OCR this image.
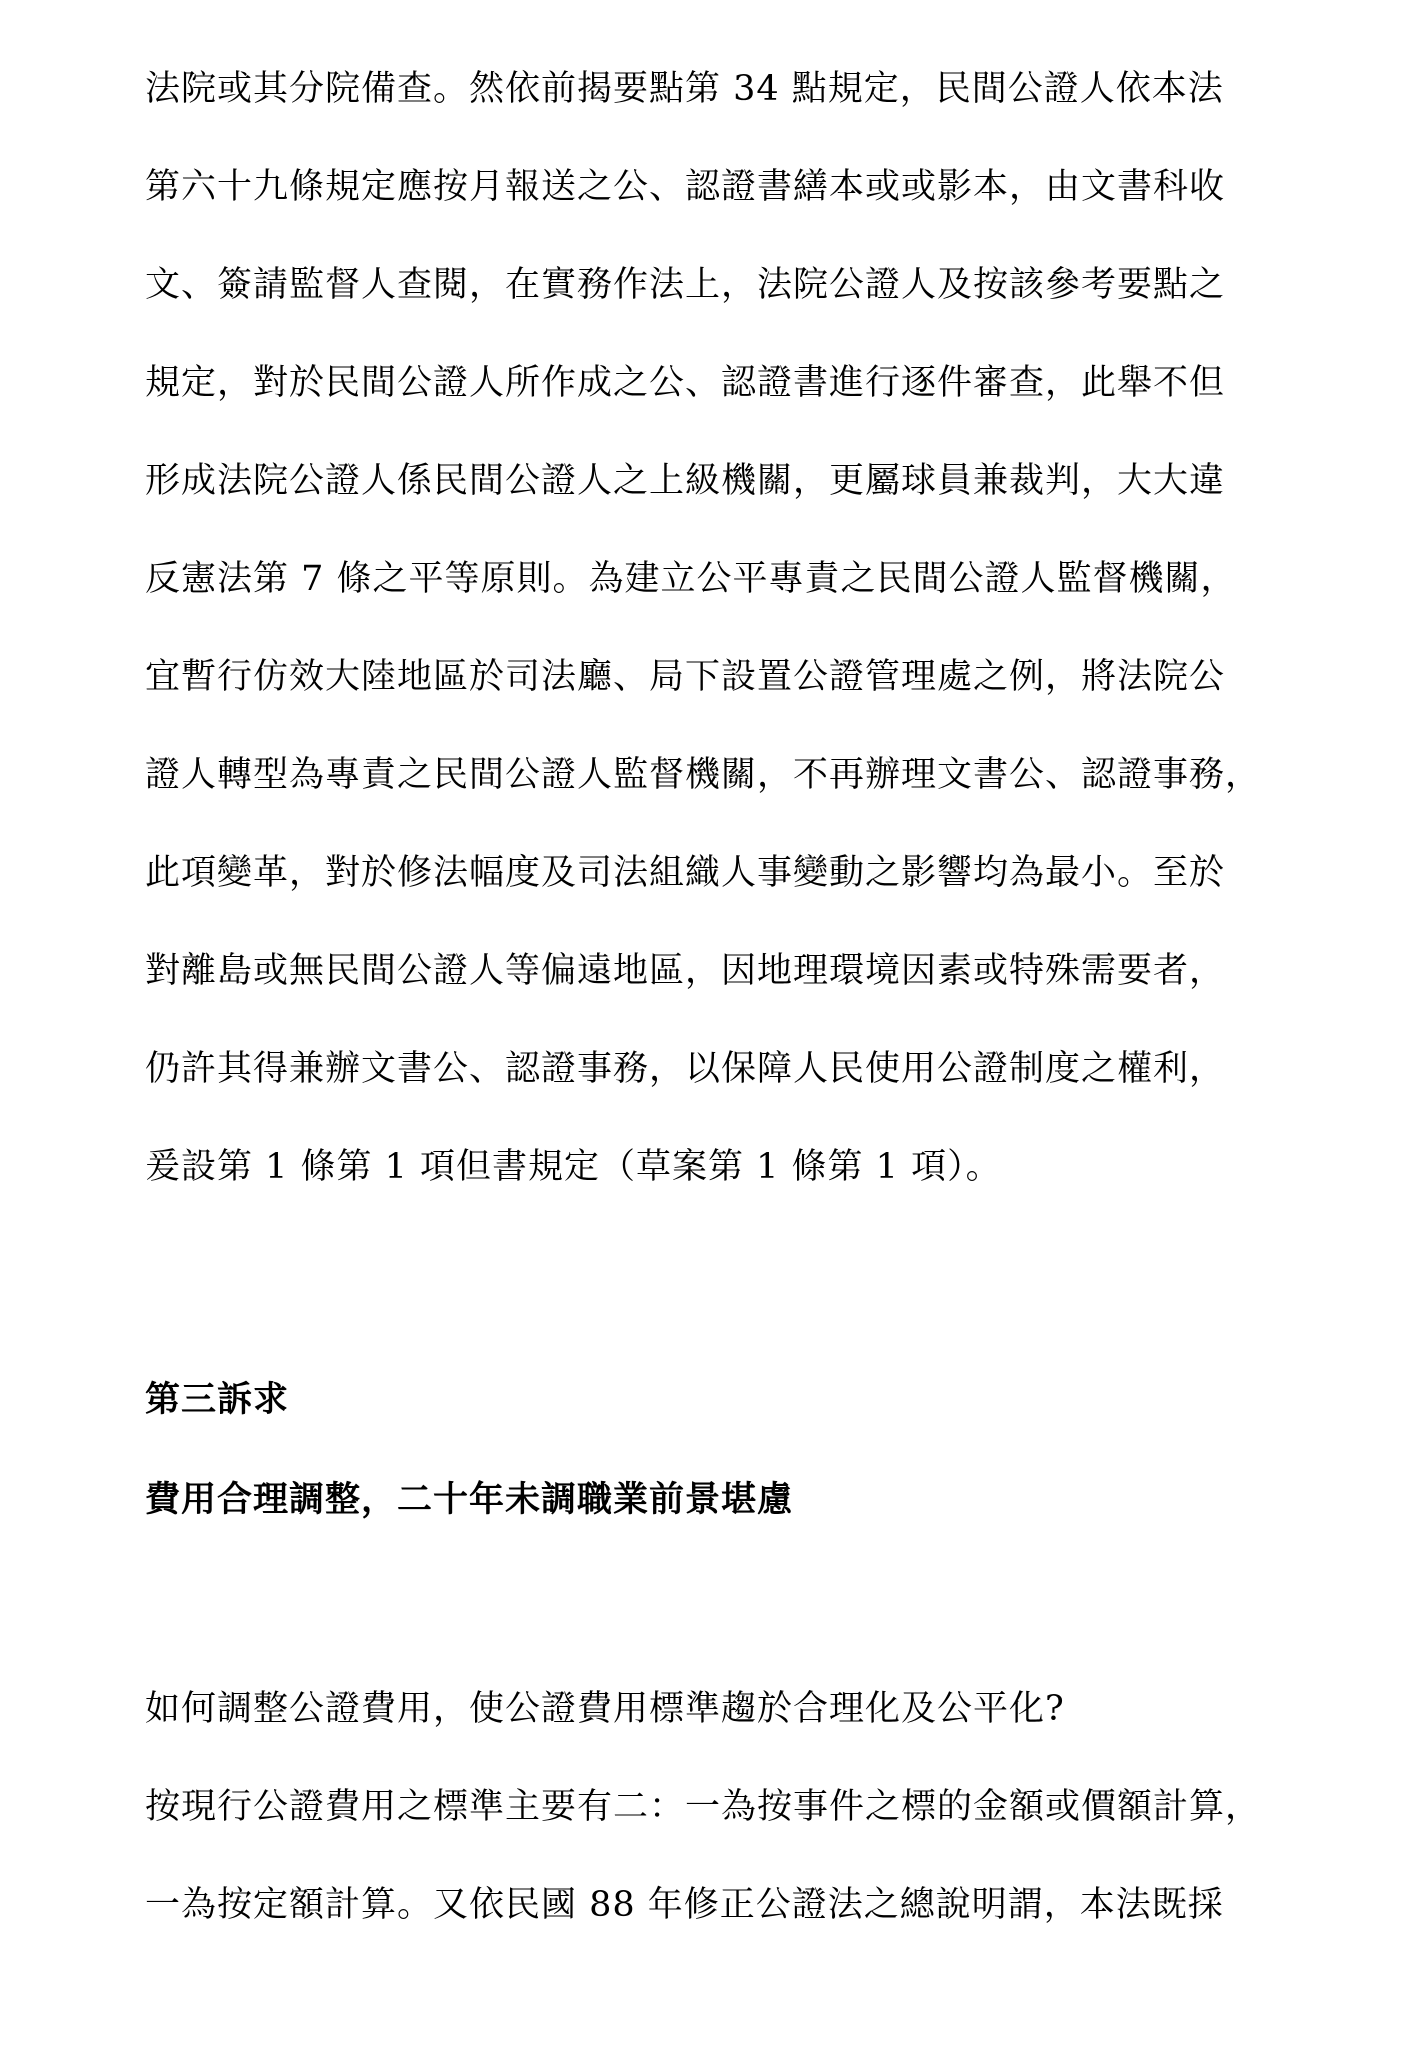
法院或其分院備查。然依前揭要點第 34 點規定，民間公證人依本法
第六十九條規定應按月報送之公、認證書繕本或或影本，由文書科收
文、簽請監督人查閱，在實務作法上，法院公證人及按該參考要點之
規定，對於民間公證人所作成之公、認證書進行逐件審查，此舉不但
形成法院公證人係民間公證人之上級機關，更屬球員兼裁判，大大違
反憲法第 7 條之平等原則。為建立公平專責之民間公證人監督機關，
宜暫行仿效大陸地區於司法廳、局下設置公證管理處之例，將法院公
證人轉型為專責之民間公證人監督機關，不再辦理文書公、認證事務，
此項變革，對於修法幅度及司法組織人事變動之影響均為最小。至於
對離島或無民間公證人等偏遠地區，因地理環境因素或特殊需要者，
仍許其得兼辦文書公、認證事務，以保障人民使用公證制度之權利，
爰設第 1 條第 1 項但書規定（草案第 1 條第 1 項）。
第三訴求
費用合理調整，二十年未調職業前景堪慮
如何調整公證費用，使公證費用標準趨於合理化及公平化?
按現行公證費用之標準主要有二：一為按事件之標的金額或價額計算，
一為按定額計算。又依民國 88 年修正公證法之總說明謂，本法既採
